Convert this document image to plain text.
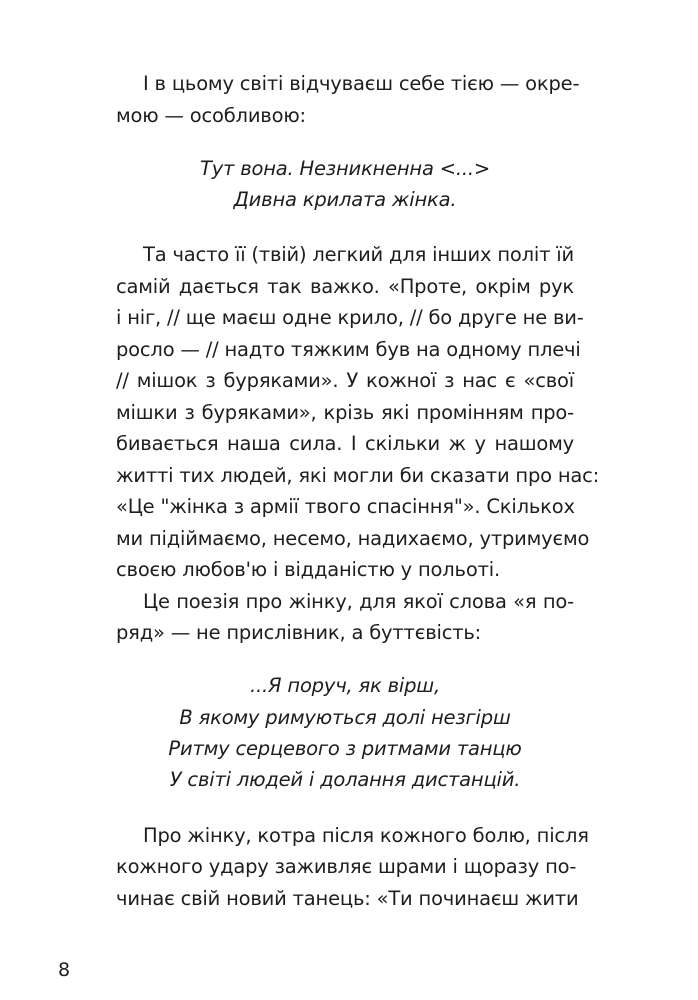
І в цьому світі відчуваєш себе тією — окре-
мою — особливою:
Тут вона. Незникненна <...>
Дивна крилата жінка.
Та часто її (твій) легкий для інших політ їй
самій дається так важко. «Проте, окрім рук
і ніг, // ще маєш одне крило, // бо друге не ви-
росло — // надто тяжким був на одному плечі
// мішок з буряками». У кожної з нас є «свої
мішки з буряками», крізь які промінням про-
бивається наша сила. І скільки ж у нашому
житті тих людей, які могли би сказати про нас:
«Це "жінка з армії твого спасіння"». Скількох
ми підіймаємо, несемо, надихаємо, утримуємо
своєю любов'ю і відданістю у польоті.
Це поезія про жінку, для якої слова «я по-
ряд» — не прислівник, а буттєвість:
...Я поруч, як вірш,
В якому римуються долі незгірш
Ритму серцевого з ритмами танцю
У світі людей і долання дистанцій.
Про жінку, котра після кожного болю, після
кожного удару заживляє шрами і щоразу по-
чинає свій новий танець: «Ти починаєш жити
8
